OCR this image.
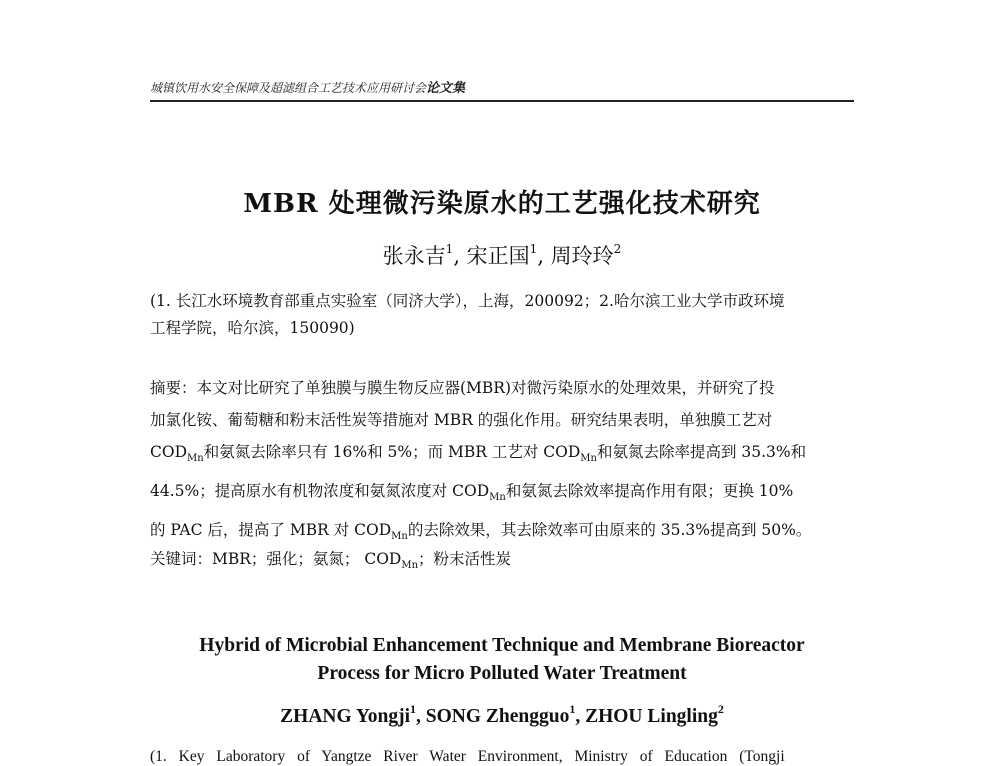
城镇饮用水安全保障及超滤组合工艺技术应用研讨会论文集
MBR 处理微污染原水的工艺强化技术研究
张永吉$^1$, 宋正国$^1$, 周玲玲$^2$
(1. 长江水环境教育部重点实验室（同济大学），上海，200092；2.哈尔滨工业大学市政环境
工程学院，哈尔滨，150090)
摘要：本文对比研究了单独膜与膜生物反应器(MBR)对微污染原水的处理效果，并研究了投
加氯化铵、葡萄糖和粉末活性炭等措施对 MBR 的强化作用。研究结果表明，单独膜工艺对
$COD_{Mn}$和氨氮去除率只有 16%和 5%；而 MBR 工艺对 $COD_{Mn}$和氨氮去除率提高到 35.3%和
44.5%；提高原水有机物浓度和氨氮浓度对 $COD_{Mn}$和氨氮去除效率提高作用有限；更换 10%
的 PAC 后，提高了 MBR 对 $COD_{Mn}$的去除效果，其去除效率可由原来的 35.3%提高到 50%。
关键词：MBR；强化；氨氮； $COD_{Mn}$；粉末活性炭
Hybrid of Microbial Enhancement Technique and Membrane Bioreactor
Process for Micro Polluted Water Treatment
ZHANG Yongji$^1$, SONG Zhengguo$^1$, ZHOU Lingling$^2$
(1. Key Laboratory of Yangtze River Water Environment, Ministry of Education (Tongji
